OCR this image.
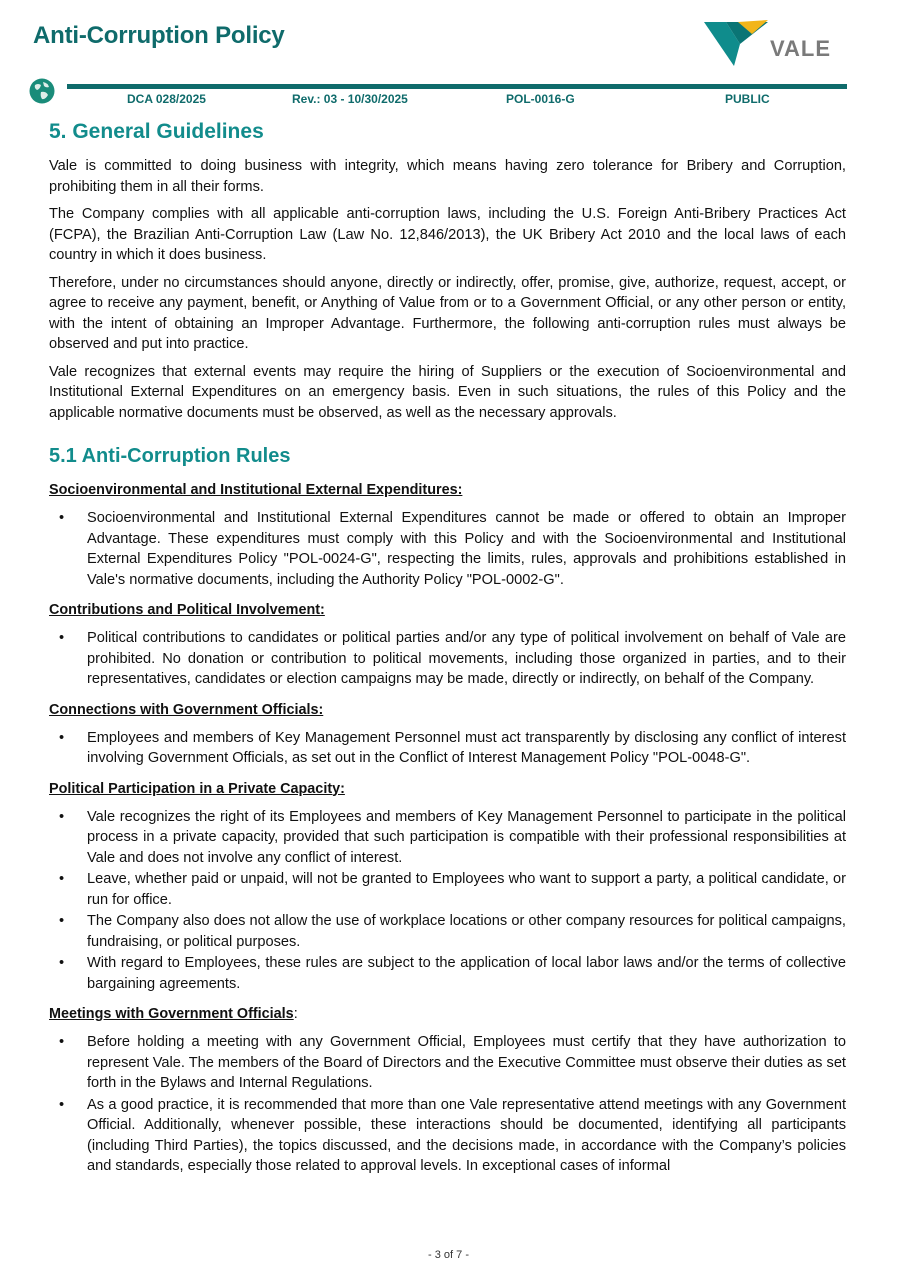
Anti-Corruption Policy	VALE
DCA 028/2025	Rev.: 03 - 10/30/2025	POL-0016-G	PUBLIC
5. General Guidelines

Vale is committed to doing business with integrity, which means having zero tolerance for Bribery and Corruption, prohibiting them in all their forms.

The Company complies with all applicable anti-corruption laws, including the U.S. Foreign Anti-Bribery Practices Act (FCPA), the Brazilian Anti-Corruption Law (Law No. 12,846/2013), the UK Bribery Act 2010 and the local laws of each country in which it does business.

Therefore, under no circumstances should anyone, directly or indirectly, offer, promise, give, authorize, request, accept, or agree to receive any payment, benefit, or Anything of Value from or to a Government Official, or any other person or entity, with the intent of obtaining an Improper Advantage. Furthermore, the following anti-corruption rules must always be observed and put into practice.

Vale recognizes that external events may require the hiring of Suppliers or the execution of Socioenvironmental and Institutional External Expenditures on an emergency basis. Even in such situations, the rules of this Policy and the applicable normative documents must be observed, as well as the necessary approvals.

5.1 Anti-Corruption Rules
Socioenvironmental and Institutional External Expenditures:
• Socioenvironmental and Institutional External Expenditures cannot be made or offered to obtain an Improper Advantage. These expenditures must comply with this Policy and with the Socioenvironmental and Institutional External Expenditures Policy "POL-0024-G", respecting the limits, rules, approvals and prohibitions established in Vale's normative documents, including the Authority Policy "POL-0002-G".
Contributions and Political Involvement:
• Political contributions to candidates or political parties and/or any type of political involvement on behalf of Vale are prohibited. No donation or contribution to political movements, including those organized in parties, and to their representatives, candidates or election campaigns may be made, directly or indirectly, on behalf of the Company.
Connections with Government Officials:
• Employees and members of Key Management Personnel must act transparently by disclosing any conflict of interest involving Government Officials, as set out in the Conflict of Interest Management Policy "POL-0048-G".
Political Participation in a Private Capacity:
• Vale recognizes the right of its Employees and members of Key Management Personnel to participate in the political process in a private capacity, provided that such participation is compatible with their professional responsibilities at Vale and does not involve any conflict of interest.
• Leave, whether paid or unpaid, will not be granted to Employees who want to support a party, a political candidate, or run for office.
• The Company also does not allow the use of workplace locations or other company resources for political campaigns, fundraising, or political purposes.
• With regard to Employees, these rules are subject to the application of local labor laws and/or the terms of collective bargaining agreements.
Meetings with Government Officials:
• Before holding a meeting with any Government Official, Employees must certify that they have authorization to represent Vale. The members of the Board of Directors and the Executive Committee must observe their duties as set forth in the Bylaws and Internal Regulations.
• As a good practice, it is recommended that more than one Vale representative attend meetings with any Government Official. Additionally, whenever possible, these interactions should be documented, identifying all participants (including Third Parties), the topics discussed, and the decisions made, in accordance with the Company’s policies and standards, especially those related to approval levels. In exceptional cases of informal
- 3 of 7 -
